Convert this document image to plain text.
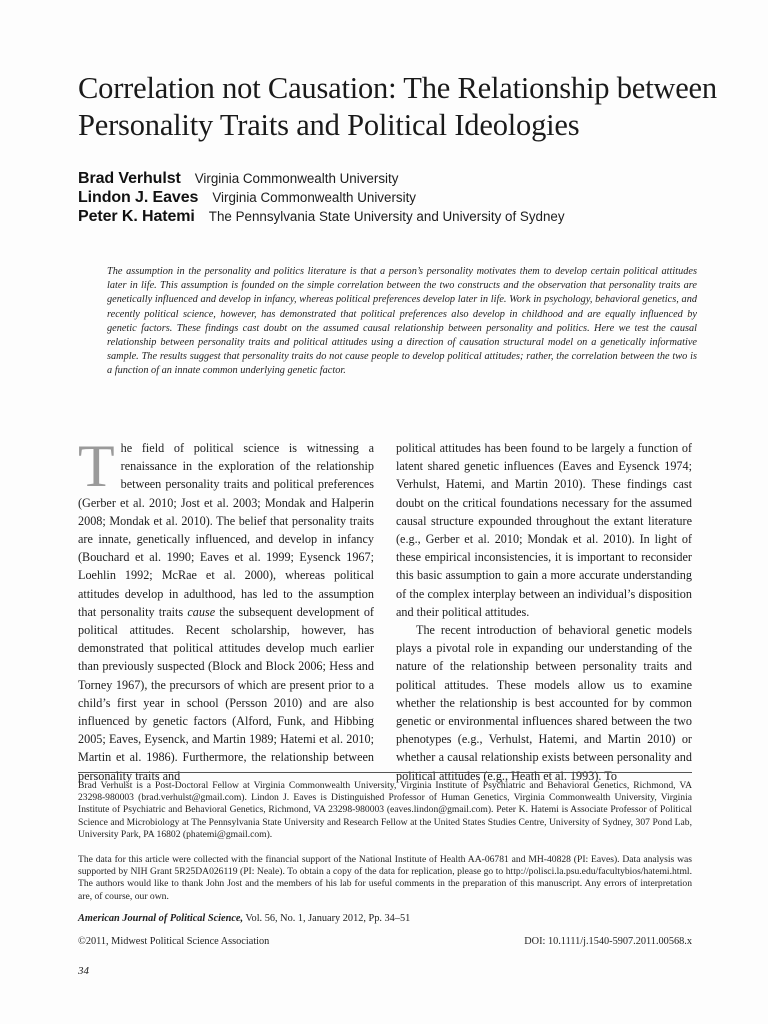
Correlation not Causation: The Relationship between Personality Traits and Political Ideologies
Brad Verhulst Virginia Commonwealth University
Lindon J. Eaves Virginia Commonwealth University
Peter K. Hatemi The Pennsylvania State University and University of Sydney

The assumption in the personality and politics literature is that a person’s personality motivates them to develop certain political attitudes later in life. This assumption is founded on the simple correlation between the two constructs and the observation that personality traits are genetically influenced and develop in infancy, whereas political preferences develop later in life. Work in psychology, behavioral genetics, and recently political science, however, has demonstrated that political preferences also develop in childhood and are equally influenced by genetic factors. These findings cast doubt on the assumed causal relationship between personality and politics. Here we test the causal relationship between personality traits and political attitudes using a direction of causation structural model on a genetically informative sample. The results suggest that personality traits do not cause people to develop political attitudes; rather, the correlation between the two is a function of an innate common underlying genetic factor.

The field of political science is witnessing a renaissance in the exploration of the relationship between personality traits and political preferences (Gerber et al. 2010; Jost et al. 2003; Mondak and Halperin 2008; Mondak et al. 2010). The belief that personality traits are innate, genetically influenced, and develop in infancy (Bouchard et al. 1990; Eaves et al. 1999; Eysenck 1967; Loehlin 1992; McRae et al. 2000), whereas political attitudes develop in adulthood, has led to the assumption that personality traits cause the subsequent development of political attitudes. Recent scholarship, however, has demonstrated that political attitudes develop much earlier than previously suspected (Block and Block 2006; Hess and Torney 1967), the precursors of which are present prior to a child’s first year in school (Persson 2010) and are also influenced by genetic factors (Alford, Funk, and Hibbing 2005; Eaves, Eysenck, and Martin 1989; Hatemi et al. 2010; Martin et al. 1986). Furthermore, the relationship between personality traits and

political attitudes has been found to be largely a function of latent shared genetic influences (Eaves and Eysenck 1974; Verhulst, Hatemi, and Martin 2010). These findings cast doubt on the critical foundations necessary for the assumed causal structure expounded throughout the extant literature (e.g., Gerber et al. 2010; Mondak et al. 2010). In light of these empirical inconsistencies, it is important to reconsider this basic assumption to gain a more accurate understanding of the complex interplay between an individual’s disposition and their political attitudes.

The recent introduction of behavioral genetic models plays a pivotal role in expanding our understanding of the nature of the relationship between personality traits and political attitudes. These models allow us to examine whether the relationship is best accounted for by common genetic or environmental influences shared between the two phenotypes (e.g., Verhulst, Hatemi, and Martin 2010) or whether a causal relationship exists between personality and political attitudes (e.g., Heath et al. 1993). To

Brad Verhulst is a Post-Doctoral Fellow at Virginia Commonwealth University, Virginia Institute of Psychiatric and Behavioral Genetics, Richmond, VA 23298-980003 (brad.verhulst@gmail.com). Lindon J. Eaves is Distinguished Professor of Human Genetics, Virginia Commonwealth University, Virginia Institute of Psychiatric and Behavioral Genetics, Richmond, VA 23298-980003 (eaves.lindon@gmail.com). Peter K. Hatemi is Associate Professor of Political Science and Microbiology at The Pennsylvania State University and Research Fellow at the United States Studies Centre, University of Sydney, 307 Pond Lab, University Park, PA 16802 (phatemi@gmail.com).

The data for this article were collected with the financial support of the National Institute of Health AA-06781 and MH-40828 (PI: Eaves). Data analysis was supported by NIH Grant 5R25DA026119 (PI: Neale). To obtain a copy of the data for replication, please go to http://polisci.la.psu.edu/facultybios/hatemi.html. The authors would like to thank John Jost and the members of his lab for useful comments in the preparation of this manuscript. Any errors of interpretation are, of course, our own.

American Journal of Political Science, Vol. 56, No. 1, January 2012, Pp. 34–51

©2011, Midwest Political Science Association	DOI: 10.1111/j.1540-5907.2011.00568.x
34
